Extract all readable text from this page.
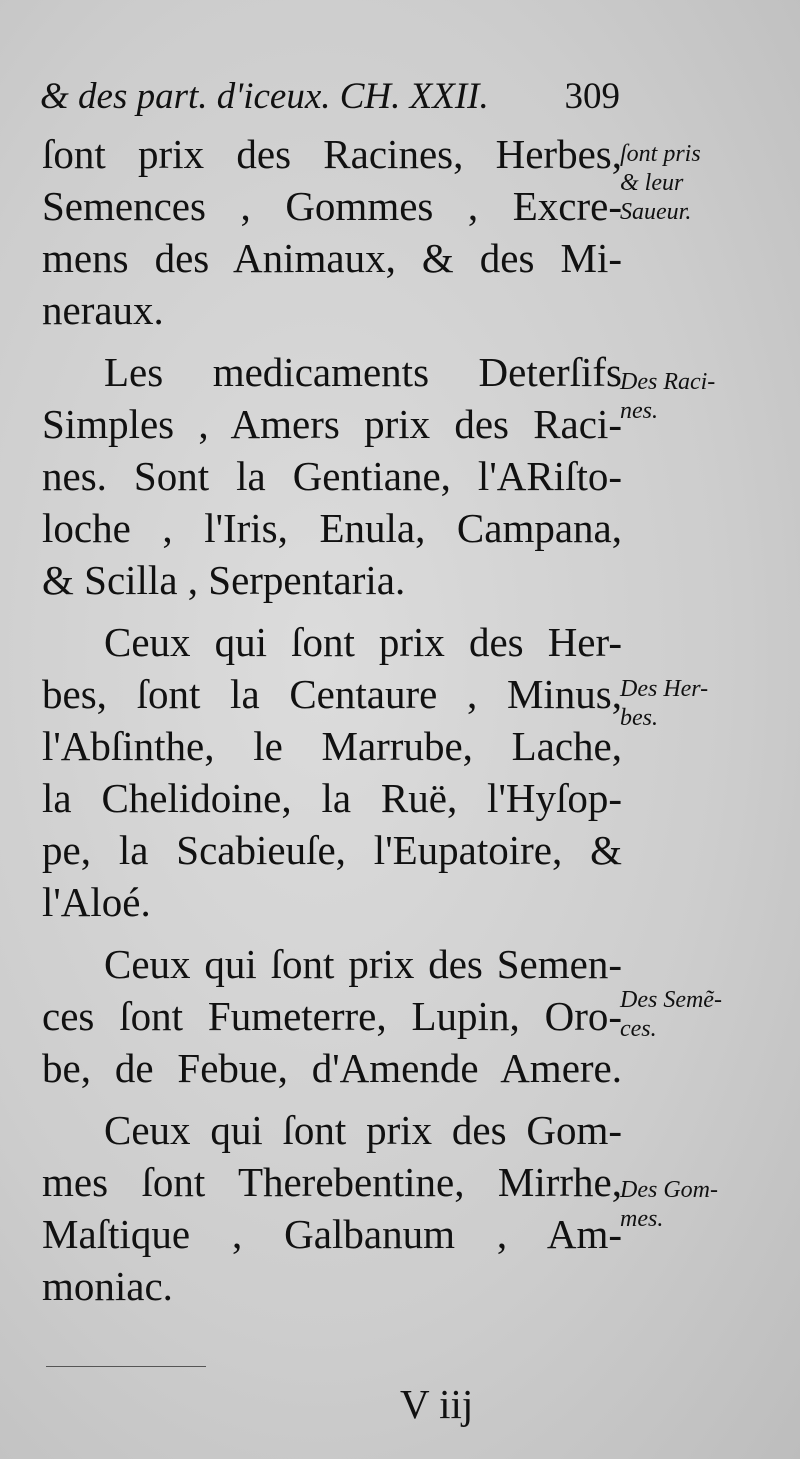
& des part. d'iceux. CH. XXII. 309
ſont prix des Racines, Herbes,
Semences , Gommes , Excre-
mens des Animaux, & des Mi-
neraux.
Les medicaments Deterſifs
Simples , Amers prix des Raci-
nes. Sont la Gentiane, l'ARiſto-
loche , l'Iris, Enula, Campana,
& Scilla , Serpentaria.
Ceux qui ſont prix des Her-
bes, ſont la Centaure , Minus,
l'Abſinthe, le Marrube, Lache,
la Chelidoine, la Ruë, l'Hyſop-
pe, la Scabieuſe, l'Eupatoire, &
l'Aloé.
Ceux qui ſont prix des Semen-
ces ſont Fumeterre, Lupin, Oro-
be, de Febue, d'Amende Amere.
Ceux qui ſont prix des Gom-
mes ſont Therebentine, Mirrhe,
Maſtique , Galbanum , Am-
moniac.
ſont pris
& leur
Saueur.
Des Raci-
nes.
Des Her-
bes.
Des Semẽ-
ces.
Des Gom-
mes.
V iij
